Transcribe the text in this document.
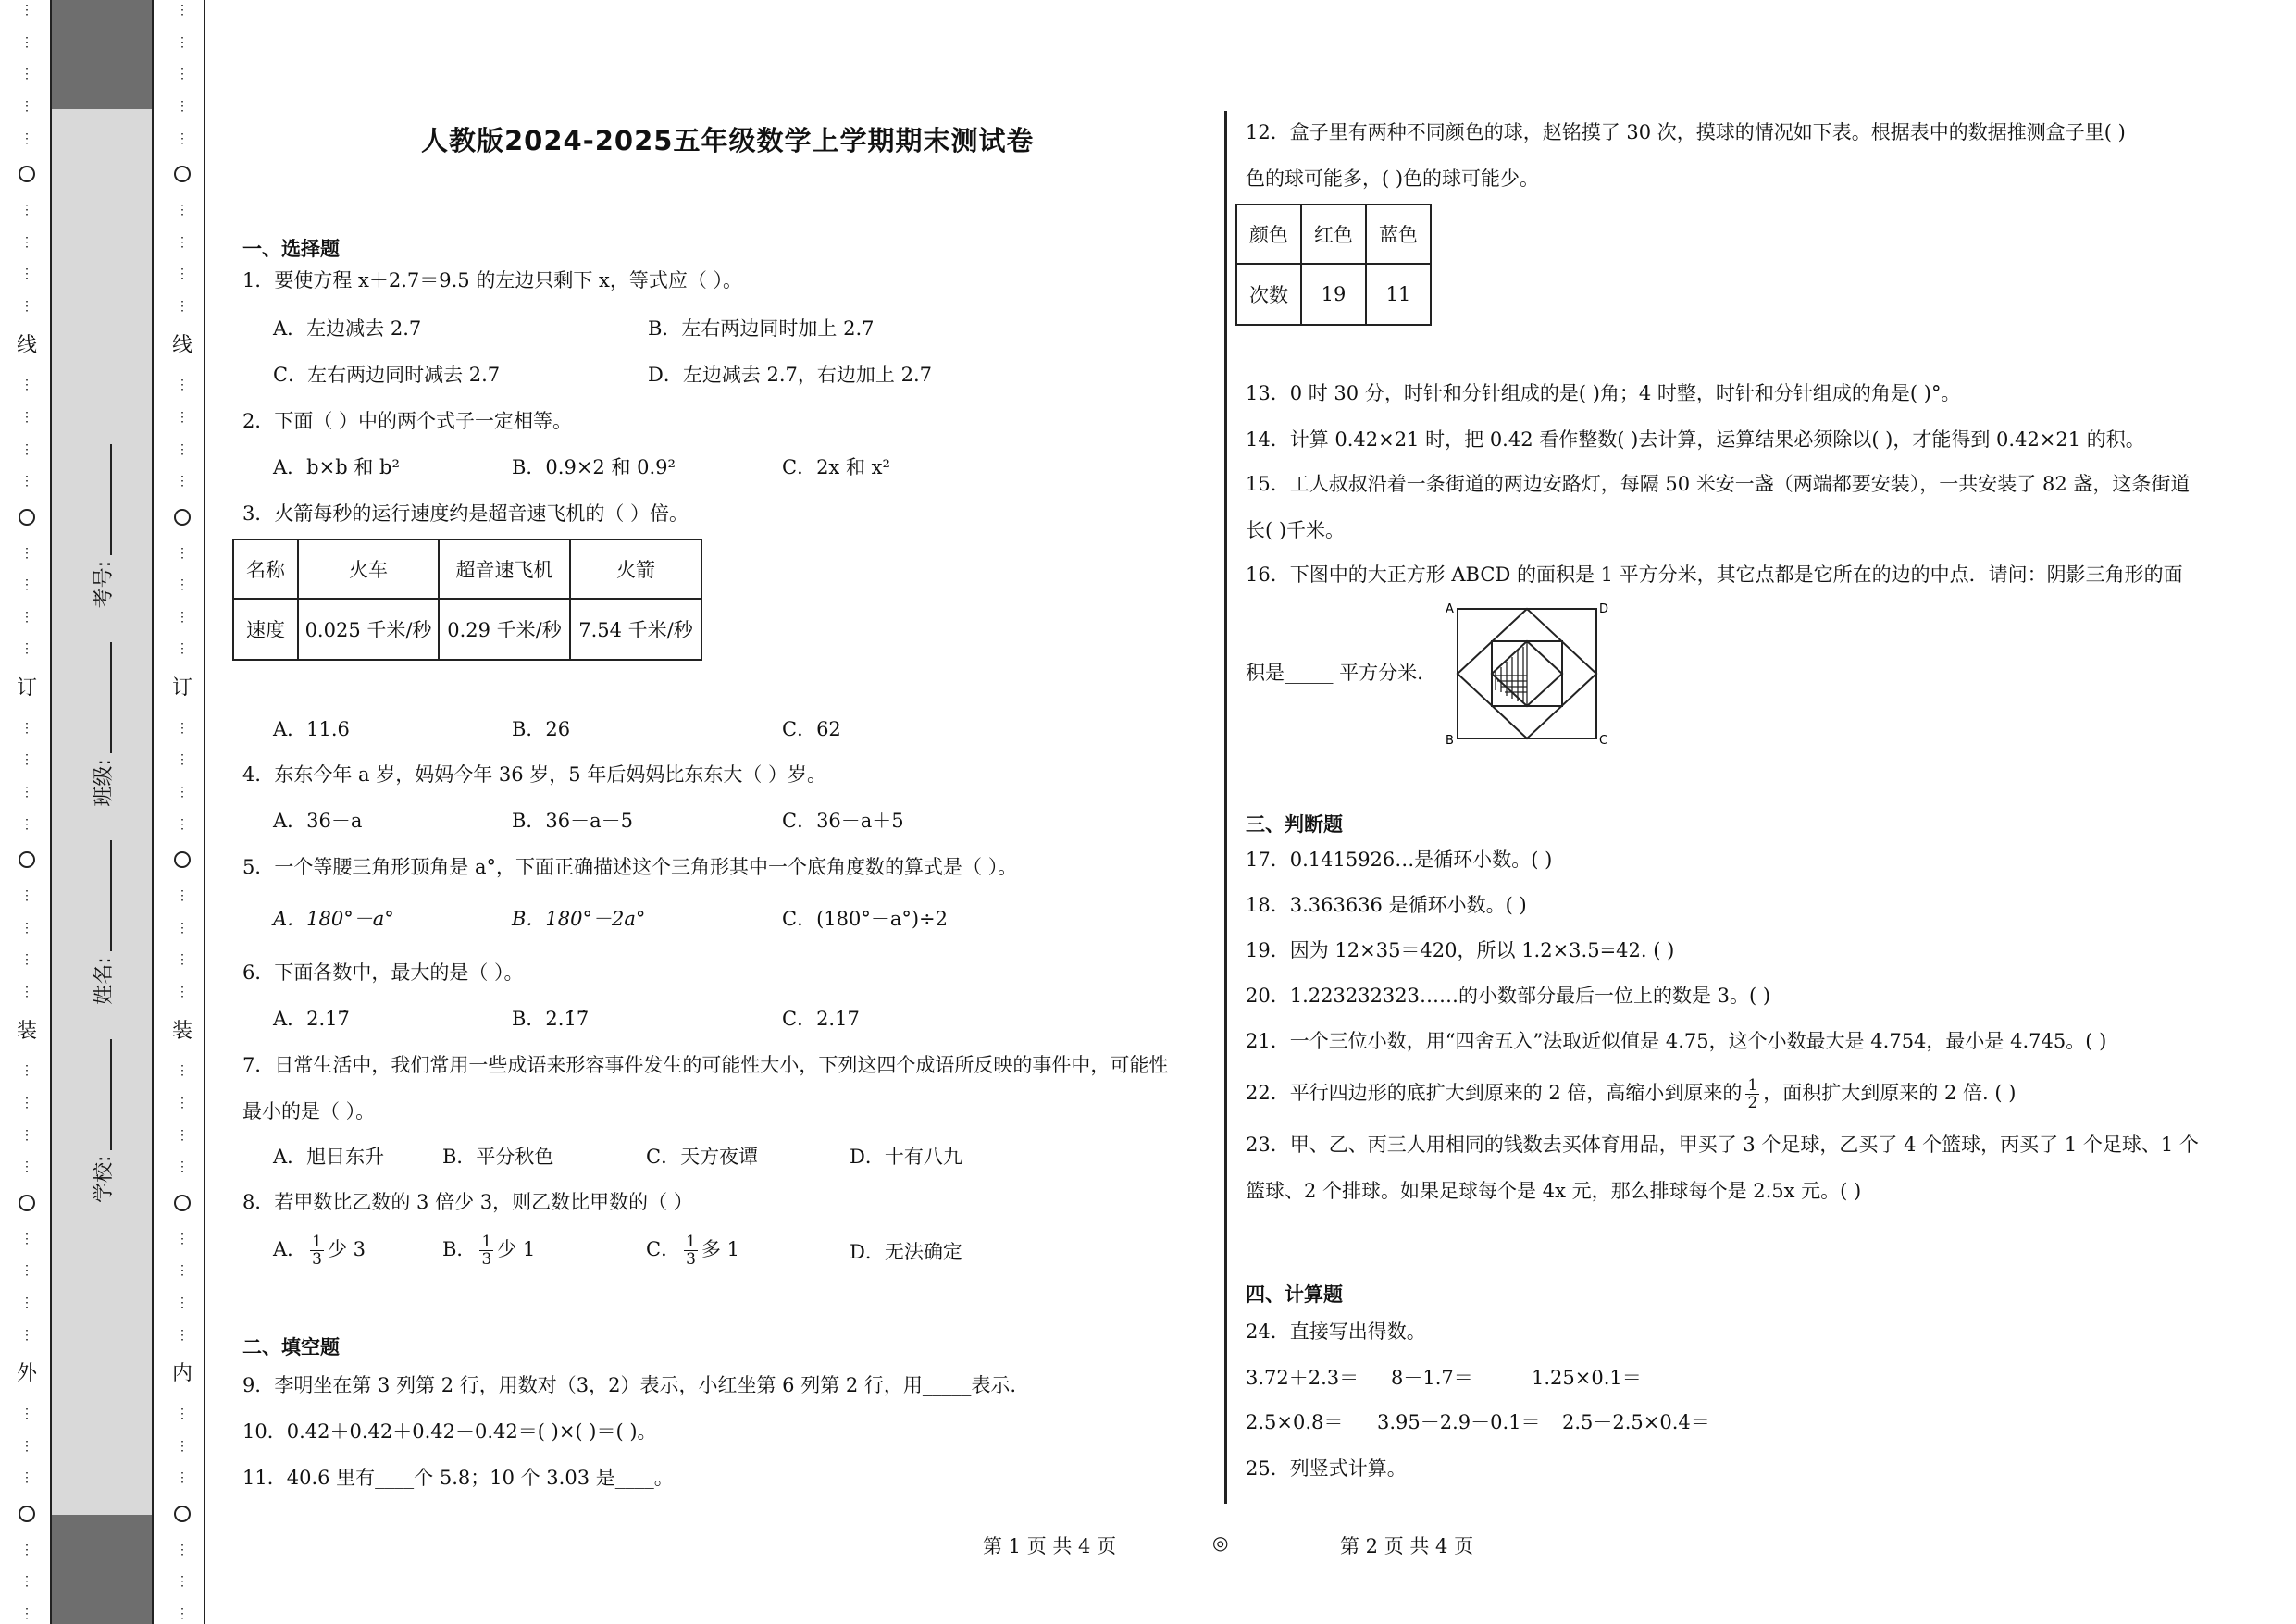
⋮
⋮
⋮
⋮
⋮
⋮
⋮
⋮
⋮
线
⋮
⋮
⋮
⋮
⋮
⋮
⋮
⋮
订
⋮
⋮
⋮
⋮
⋮
⋮
⋮
⋮
装
⋮
⋮
⋮
⋮
⋮
⋮
⋮
⋮
外
⋮
⋮
⋮
⋮
⋮
⋮
学校:
姓名:
班级:
考号:
⋮
⋮
⋮
⋮
⋮
⋮
⋮
⋮
⋮
线
⋮
⋮
⋮
⋮
⋮
⋮
⋮
⋮
订
⋮
⋮
⋮
⋮
⋮
⋮
⋮
⋮
装
⋮
⋮
⋮
⋮
⋮
⋮
⋮
⋮
内
⋮
⋮
⋮
⋮
⋮
⋮
人教版2024-2025五年级数学上学期期末测试卷
一、选择题
1．要使方程 x＋2.7＝9.5 的左边只剩下 x，等式应（ ）。
A．左边减去 2.7	B．左右两边同时加上 2.7
C．左右两边同时减去 2.7	D．左边减去 2.7，右边加上 2.7
2．下面（ ）中的两个式子一定相等。
A．b×b 和 b²	B．0.9×2 和 0.9²	C．2x 和 x²
3．火箭每秒的运行速度约是超音速飞机的（ ）倍。
名称	火车	超音速飞机	火箭
速度	0.025 千米/秒	0.29 千米/秒	7.54 千米/秒
A．11.6	B．26	C．62
4．东东今年 a 岁，妈妈今年 36 岁，5 年后妈妈比东东大（ ）岁。
A．36－a	B．36－a－5	C．36－a＋5
5．一个等腰三角形顶角是 a°，下面正确描述这个三角形其中一个底角度数的算式是（ ）。
A．180°－a°	B．180°－2a°	C．(180°－a°)÷2
6．下面各数中，最大的是（ ）。
A．2.17̇	B．2.1̇7̇	C．2.17
7．日常生活中，我们常用一些成语来形容事件发生的可能性大小，下列这四个成语所反映的事件中，可能性
最小的是（ ）。
A．旭日东升	B．平分秋色	C．天方夜谭	D．十有八九
8．若甲数比乙数的 3 倍少 3，则乙数比甲数的（ ）
A． $\frac{1}{3}$ 少 3	B． $\frac{1}{3}$ 少 1	C． $\frac{1}{3}$ 多 1	D．无法确定
二、填空题
9．李明坐在第 3 列第 2 行，用数对（3，2）表示，小红坐第 6 列第 2 行，用_____表示.
10．0.42＋0.42＋0.42＋0.42＝( )×( )＝( )。
11．40.6 里有____个 5.8；10 个 3.03 是____。
12．盒子里有两种不同颜色的球，赵铭摸了 30 次，摸球的情况如下表。根据表中的数据推测盒子里( )
色的球可能多，( )色的球可能少。
颜色	红色	蓝色
次数	19	11
13．0 时 30 分，时针和分针组成的是( )角；4 时整，时针和分针组成的角是( )°。
14．计算 0.42×21 时，把 0.42 看作整数( )去计算，运算结果必须除以( )，才能得到 0.42×21 的积。
15．工人叔叔沿着一条街道的两边安路灯，每隔 50 米安一盏（两端都要安装），一共安装了 82 盏，这条街道
长( )千米。
16．下图中的大正方形 ABCD 的面积是 1 平方分米，其它点都是它所在的边的中点．请问：阴影三角形的面
积是_____ 平方分米.
A	D
B	C
三、判断题
17．0.1415926…是循环小数。( )
18．3.363636 是循环小数。( )
19．因为 12×35＝420，所以 1.2×3.5=42. ( )
20．1.223232323……的小数部分最后一位上的数是 3。( )
21．一个三位小数，用“四舍五入”法取近似值是 4.75，这个小数最大是 4.754，最小是 4.745。( )
22．平行四边形的底扩大到原来的 2 倍，高缩小到原来的 $\frac{1}{2}$ ，面积扩大到原来的 2 倍. ( )
23．甲、乙、丙三人用相同的钱数去买体育用品，甲买了 3 个足球，乙买了 4 个篮球，丙买了 1 个足球、1 个
篮球、2 个排球。如果足球每个是 4x 元，那么排球每个是 2.5x 元。( )
四、计算题
24．直接写出得数。
3.72＋2.3＝ 8－1.7＝	1.25×0.1＝
2.5×0.8＝ 3.95－2.9－0.1＝ 2.5－2.5×0.4＝
25．列竖式计算。
第 1 页 共 4 页	◎	第 2 页 共 4 页
